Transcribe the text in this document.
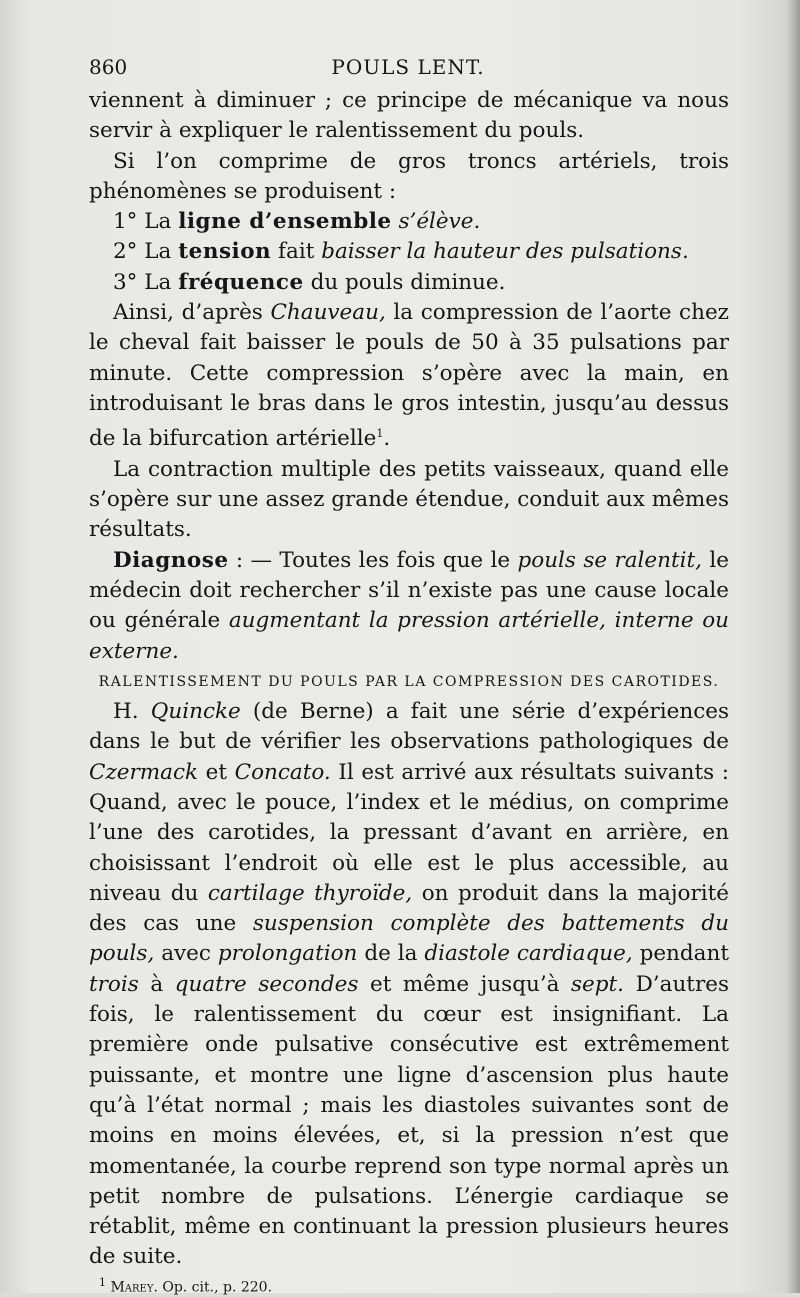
860	POULS LENT.

viennent à diminuer ; ce principe de mécanique va nous servir à expliquer le ralentissement du pouls.

Si l’on comprime de gros troncs artériels, trois phénomènes se produisent :

1° La ligne d’ensemble s’élève.

2° La tension fait baisser la hauteur des pulsations.

3° La fréquence du pouls diminue.

Ainsi, d’après Chauveau, la compression de l’aorte chez le cheval fait baisser le pouls de 50 à 35 pulsations par minute. Cette compression s’opère avec la main, en introduisant le bras dans le gros intestin, jusqu’au dessus de la bifurcation artérielle$^1$.

La contraction multiple des petits vaisseaux, quand elle s’opère sur une assez grande étendue, conduit aux mêmes résultats.

Diagnose : — Toutes les fois que le pouls se ralentit, le médecin doit rechercher s’il n’existe pas une cause locale ou générale augmentant la pression artérielle, interne ou externe.

RALENTISSEMENT DU POULS PAR LA COMPRESSION DES CAROTIDES.

H. Quincke (de Berne) a fait une série d’expériences dans le but de vérifier les observations pathologiques de Czermack et Concato. Il est arrivé aux résultats suivants : Quand, avec le pouce, l’index et le médius, on comprime l’une des carotides, la pressant d’avant en arrière, en choisissant l’endroit où elle est le plus accessible, au niveau du cartilage thyroïde, on produit dans la majorité des cas une suspension complète des battements du pouls, avec prolongation de la diastole cardiaque, pendant trois à quatre secondes et même jusqu’à sept. D’autres fois, le ralentissement du cœur est insignifiant. La première onde pulsative consécutive est extrêmement puissante, et montre une ligne d’ascension plus haute qu’à l’état normal ; mais les diastoles suivantes sont de moins en moins élevées, et, si la pression n’est que momentanée, la courbe reprend son type normal après un petit nombre de pulsations. L’énergie cardiaque se rétablit, même en continuant la pression plusieurs heures de suite.

$^1$ Marey. Op. cit., p. 220.
